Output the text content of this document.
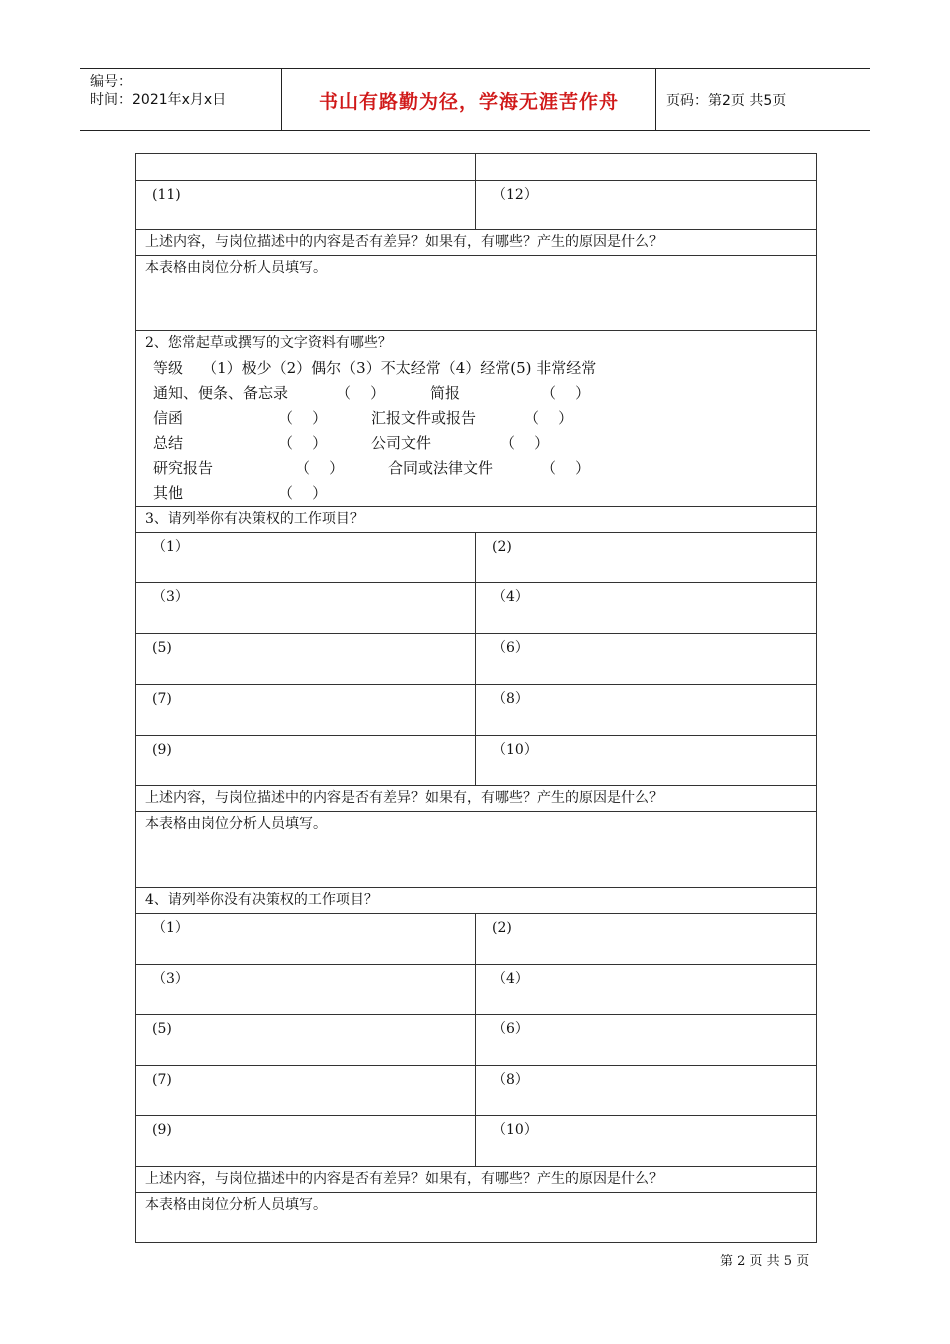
编号：
时间：2021年x月x日	书山有路勤为径，学海无涯苦作舟	页码：第2页 共5页
(11)	（12）
上述内容，与岗位描述中的内容是否有差异？如果有，有哪些？产生的原因是什么？
本表格由岗位分析人员填写。
2、您常起草或撰写的文字资料有哪些？
等级    （1）极少（2）偶尔（3）不太经常（4）经常(5) 非常经常
通知、便条、备忘录	（    ）	简报	（    ）
信函	（    ）	汇报文件或报告	（    ）
总结	（    ）	公司文件	（    ）
研究报告	（    ）	合同或法律文件	（    ）
其他	（    ）
3、请列举你有决策权的工作项目？
（1）	(2)
（3）	（4）
(5)	（6）
(7)	（8）
(9)	（10）
上述内容，与岗位描述中的内容是否有差异？如果有，有哪些？产生的原因是什么？
本表格由岗位分析人员填写。
4、请列举你没有决策权的工作项目？
（1）	(2)
（3）	（4）
(5)	（6）
(7)	（8）
(9)	（10）
上述内容，与岗位描述中的内容是否有差异？如果有，有哪些？产生的原因是什么？
本表格由岗位分析人员填写。
第 2 页 共 5 页
